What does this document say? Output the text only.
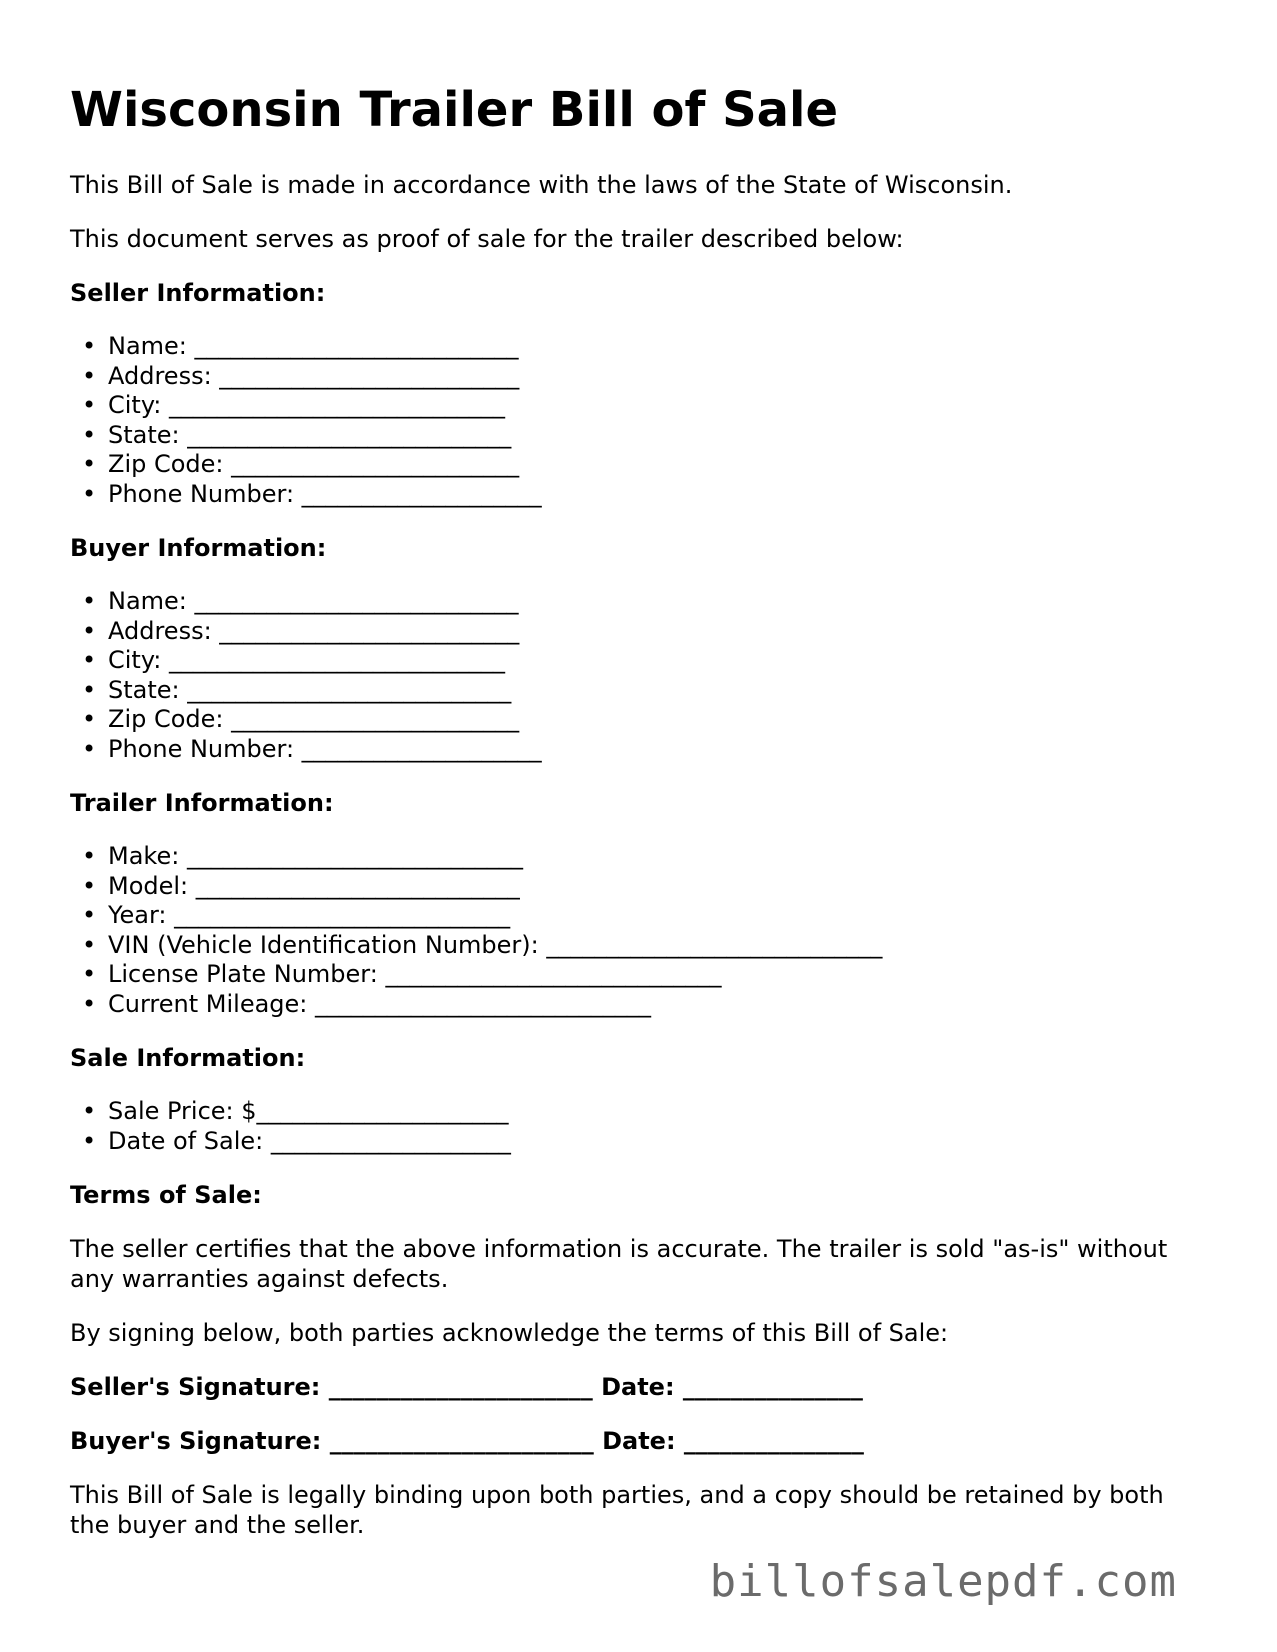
Wisconsin Trailer Bill of Sale

This Bill of Sale is made in accordance with the laws of the State of Wisconsin.

This document serves as proof of sale for the trailer described below:

Seller Information:
• Name: ___________________________
• Address: _________________________
• City: ____________________________
• State: ___________________________
• Zip Code: ________________________
• Phone Number: ____________________
Buyer Information:
• Name: ___________________________
• Address: _________________________
• City: ____________________________
• State: ___________________________
• Zip Code: ________________________
• Phone Number: ____________________
Trailer Information:
• Make: ____________________________
• Model: ___________________________
• Year: ____________________________
• VIN (Vehicle Identification Number): ____________________________
• License Plate Number: ____________________________
• Current Mileage: ____________________________
Sale Information:
• Sale Price: $_____________________
• Date of Sale: ____________________
Terms of Sale:

The seller certifies that the above information is accurate. The trailer is sold "as-is" without any warranties against defects.

By signing below, both parties acknowledge the terms of this Bill of Sale:

Seller's Signature: ______________________ Date: _______________
Buyer's Signature: ______________________ Date: _______________

This Bill of Sale is legally binding upon both parties, and a copy should be retained by both the buyer and the seller.

billofsalepdf.com
